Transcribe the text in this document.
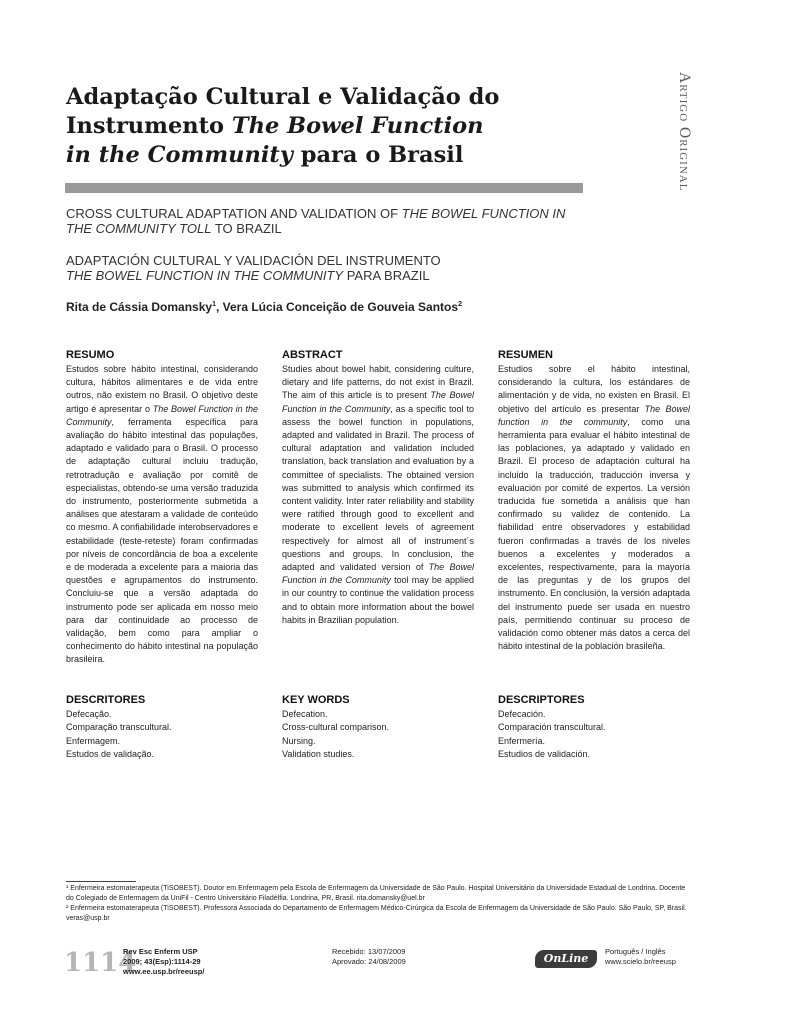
Adaptação Cultural e Validação do
Instrumento The Bowel Function
in the Community para o Brasil	Artigo Original
CROSS CULTURAL ADAPTATION AND VALIDATION OF THE BOWEL FUNCTION IN THE COMMUNITY TOLL TO BRAZIL
ADAPTACIÓN CULTURAL Y VALIDACIÓN DEL INSTRUMENTO
THE BOWEL FUNCTION IN THE COMMUNITY PARA BRAZIL
Rita de Cássia Domansky$^1$, Vera Lúcia Conceição de Gouveia Santos$^2$
RESUMO

Estudos sobre hábito intestinal, considerando cultura, hábitos alimentares e de vida entre outros, não existem no Brasil. O objetivo deste artigo é apresentar o The Bowel Function in the Community, ferramenta específica para avaliação do hábito intestinal das populações, adaptado e validado para o Brasil. O processo de adaptação cultural incluiu tradução, retrotradução e avaliação por comitê de especialistas, obtendo-se uma versão traduzida do instrumento, posteriormente submetida a análises que atestaram a validade de conteúdo co mesmo. A confiabilidade interobservadores e estabilidade (teste-reteste) foram confirmadas por níveis de concordância de boa a excelente e de moderada a excelente para a maioria das questões e agrupamentos do instrumento. Concluiu-se que a versão adaptada do instrumento pode ser aplicada em nosso meio para dar continuidade ao processo de validação, bem como para ampliar o conhecimento do hábito intestinal na população brasileira.

ABSTRACT

Studies about bowel habit, considering culture, dietary and life patterns, do not exist in Brazil. The aim of this article is to present The Bowel Function in the Community, as a specific tool to assess the bowel function in populations, adapted and validated in Brazil. The process of cultural adaptation and validation included translation, back translation and evaluation by a committee of specialists. The obtained version was submitted to analysis which confirmed its content validity. Inter rater reliability and stability were ratified through good to excellent and moderate to excellent levels of agreement respectively for almost all of instrument´s questions and groups. In conclusion, the adapted and validated version of The Bowel Function in the Community tool may be applied in our country to continue the validation process and to obtain more information about the bowel habits in Brazilian population.

RESUMEN

Estudios sobre el hábito intestinal, considerando la cultura, los estándares de alimentación y de vida, no existen en Brasil. El objetivo del artículo es presentar The Bowel function in the community, como una herramienta para evaluar el hábito intestinal de las poblaciones, ya adaptado y validado en Brazil. El proceso de adaptación cultural ha incluido la traducción, traducción inversa y evaluación por comité de expertos. La versión traducida fue sometida a análisis que han confirmado su validez de contenido. La fiabilidad entre observadores y estabilidad fueron confirmadas a través de los niveles buenos a excelentes y moderados a excelentes, respectivamente, para la mayoría de las preguntas y de los grupos del instrumento. En conclusión, la versión adaptada del instrumento puede ser usada en nuestro país, permitiendo continuar su proceso de validación como obtener más datos a cerca del hábito intestinal de la población brasileña.

DESCRITORES
Defecação.
Comparação transcultural.
Enfermagem.
Estudos de validação.
KEY WORDS
Defecation.
Cross-cultural comparison.
Nursing.
Validation studies.
DESCRIPTORES
Defecación.
Comparación transcultural.
Enfermería.
Estudios de validación.
¹ Enfermeira estomaterapeuta (TiSOBEST). Doutor em Enfermagem pela Escola de Enfermagem da Universidade de São Paulo. Hospital Universitário da Universidade Estadual de Londrina. Docente do Colegiado de Enfermagem da UniFil - Centro Universitário Filadélfia. Londrina, PR, Brasil. rita.domansky@uel.br
² Enfermeira estomaterapeuta (TiSOBEST). Professora Associada do Departamento de Enfermagem Médico-Cirúrgica da Escola de Enfermagem da Universidade de São Paulo. São Paulo, SP, Brasil. veras@usp.br
1114
Rev Esc Enferm USP
2009; 43(Esp):1114-29
www.ee.usp.br/reeusp/
Recebido: 13/07/2009
Aprovado: 24/08/2009	OnLine
Português / Inglês
www.scielo.br/reeusp
